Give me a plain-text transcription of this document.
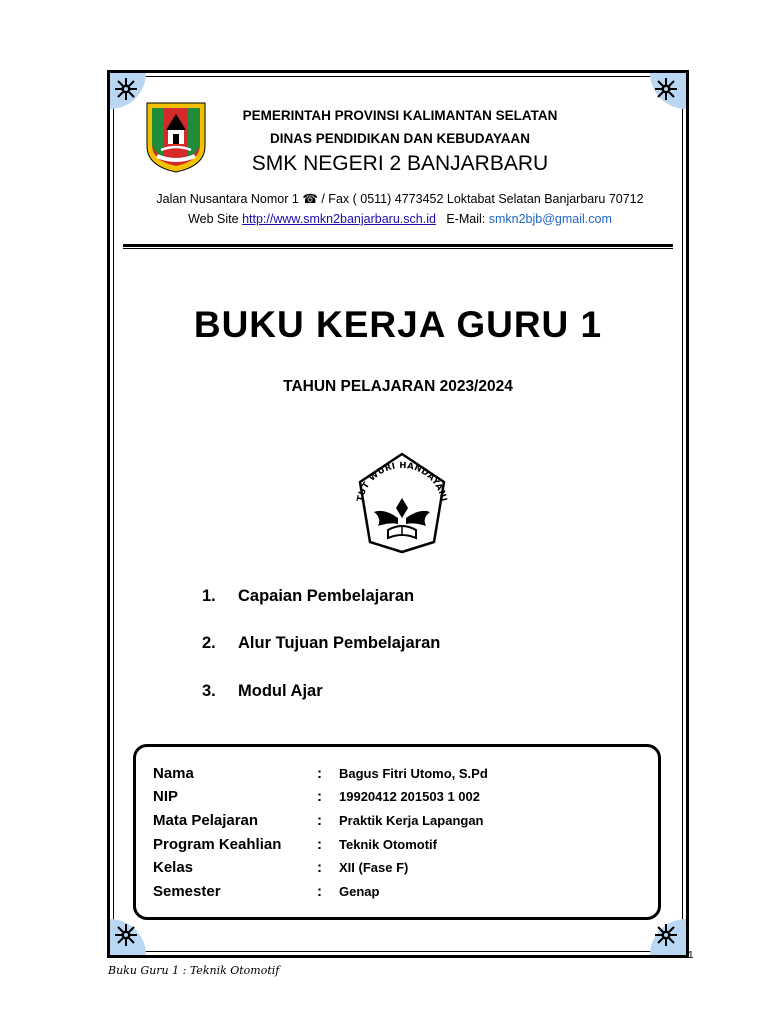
PEMERINTAH PROVINSI KALIMANTAN SELATAN
DINAS PENDIDIKAN DAN KEBUDAYAAN
SMK NEGERI 2 BANJARBARU
Jalan Nusantara Nomor 1 ☎ / Fax ( 0511) 4773452 Loktabat Selatan Banjarbaru 70712
Web Site http://www.smkn2banjarbaru.sch.id   E-Mail: smkn2bjb@gmail.com
BUKU KERJA GURU 1
TAHUN PELAJARAN 2023/2024
TUT WURI HANDAYANI
1. Capaian Pembelajaran
2. Alur Tujuan Pembelajaran
3. Modul Ajar
Nama	: Bagus Fitri Utomo, S.Pd
NIP	: 19920412 201503 1 002
Mata Pelajaran	: Praktik Kerja Lapangan
Program Keahlian : Teknik Otomotif
Kelas	: XII (Fase F)
Semester	: Genap
1
Buku Guru 1 : Teknik Otomotif
